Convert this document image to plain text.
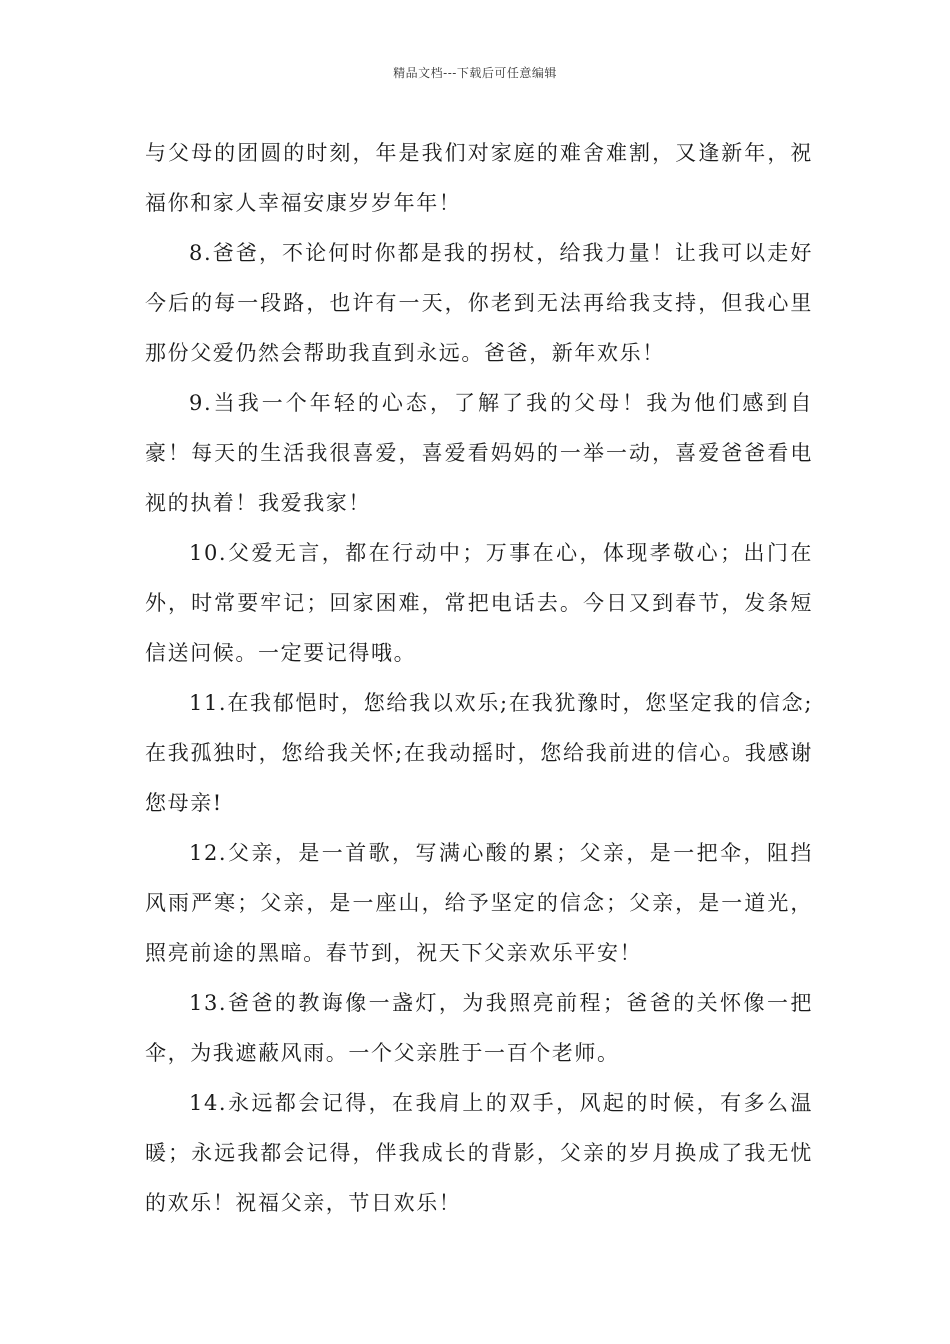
精品文档---下载后可任意编辑

与父母的团圆的时刻，年是我们对家庭的难舍难割，又逢新年，祝福你和家人幸福安康岁岁年年！

8.爸爸，不论何时你都是我的拐杖，给我力量！让我可以走好今后的每一段路，也许有一天，你老到无法再给我支持，但我心里那份父爱仍然会帮助我直到永远。爸爸，新年欢乐！

9.当我一个年轻的心态，了解了我的父母！我为他们感到自豪！每天的生活我很喜爱，喜爱看妈妈的一举一动，喜爱爸爸看电视的执着！我爱我家！

10.父爱无言，都在行动中；万事在心，体现孝敬心；出门在外，时常要牢记；回家困难，常把电话去。今日又到春节，发条短信送问候。一定要记得哦。

11.在我郁悒时，您给我以欢乐;在我犹豫时，您坚定我的信念;在我孤独时，您给我关怀;在我动摇时，您给我前进的信心。我感谢您母亲!

12.父亲，是一首歌，写满心酸的累；父亲，是一把伞，阻挡风雨严寒；父亲，是一座山，给予坚定的信念；父亲，是一道光，照亮前途的黑暗。春节到，祝天下父亲欢乐平安！

13.爸爸的教诲像一盏灯，为我照亮前程；爸爸的关怀像一把伞，为我遮蔽风雨。一个父亲胜于一百个老师。

14.永远都会记得，在我肩上的双手，风起的时候，有多么温暖；永远我都会记得，伴我成长的背影，父亲的岁月换成了我无忧的欢乐！祝福父亲，节日欢乐！
